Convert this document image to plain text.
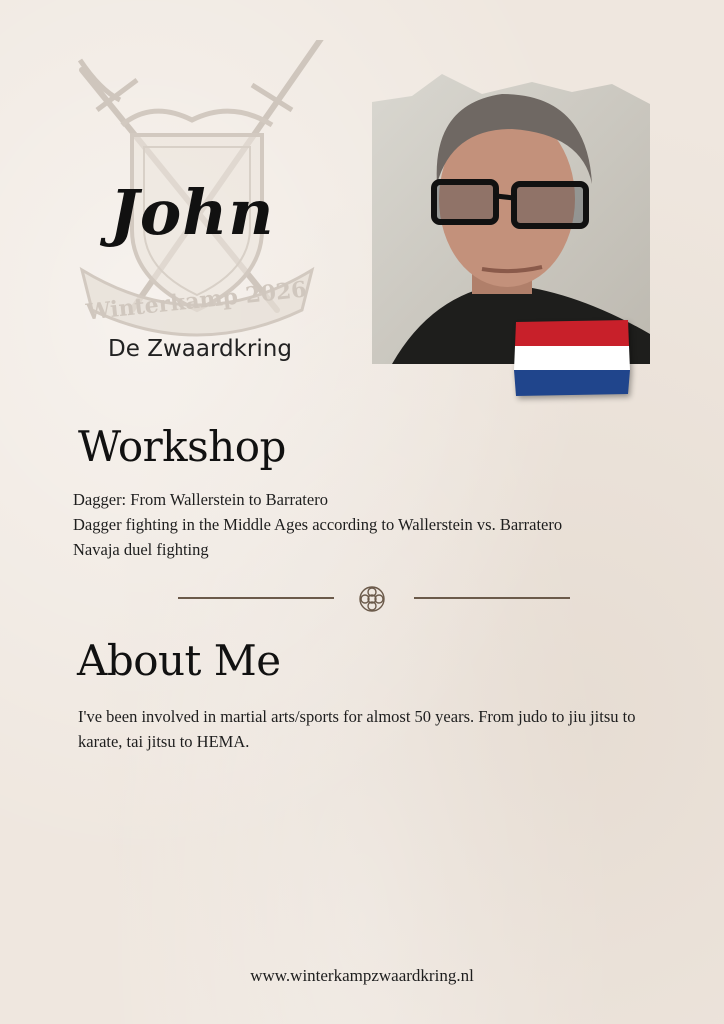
Winterkamp 2026
John
De Zwaardkring
Workshop
Dagger: From Wallerstein to Barratero
Dagger fighting in the Middle Ages according to Wallerstein vs. Barratero
Navaja duel fighting
About Me
I've been involved in martial arts/sports for almost 50 years. From judo to jiu jitsu to karate, tai jitsu to HEMA.
www.winterkampzwaardkring.nl
